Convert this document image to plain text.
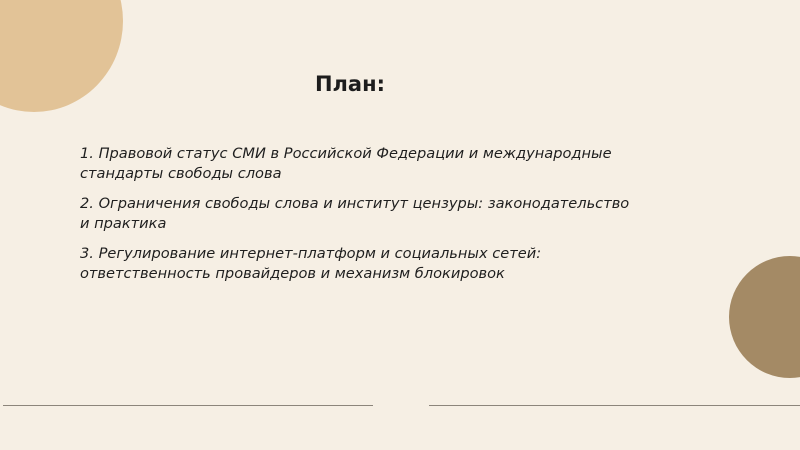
План:
1. Правовой статус СМИ в Российской Федерации и международные стандарты свободы слова
2. Ограничения свободы слова и институт цензуры: законодательство и практика
3. Регулирование интернет-платформ и социальных сетей: ответственность провайдеров и механизм блокировок
